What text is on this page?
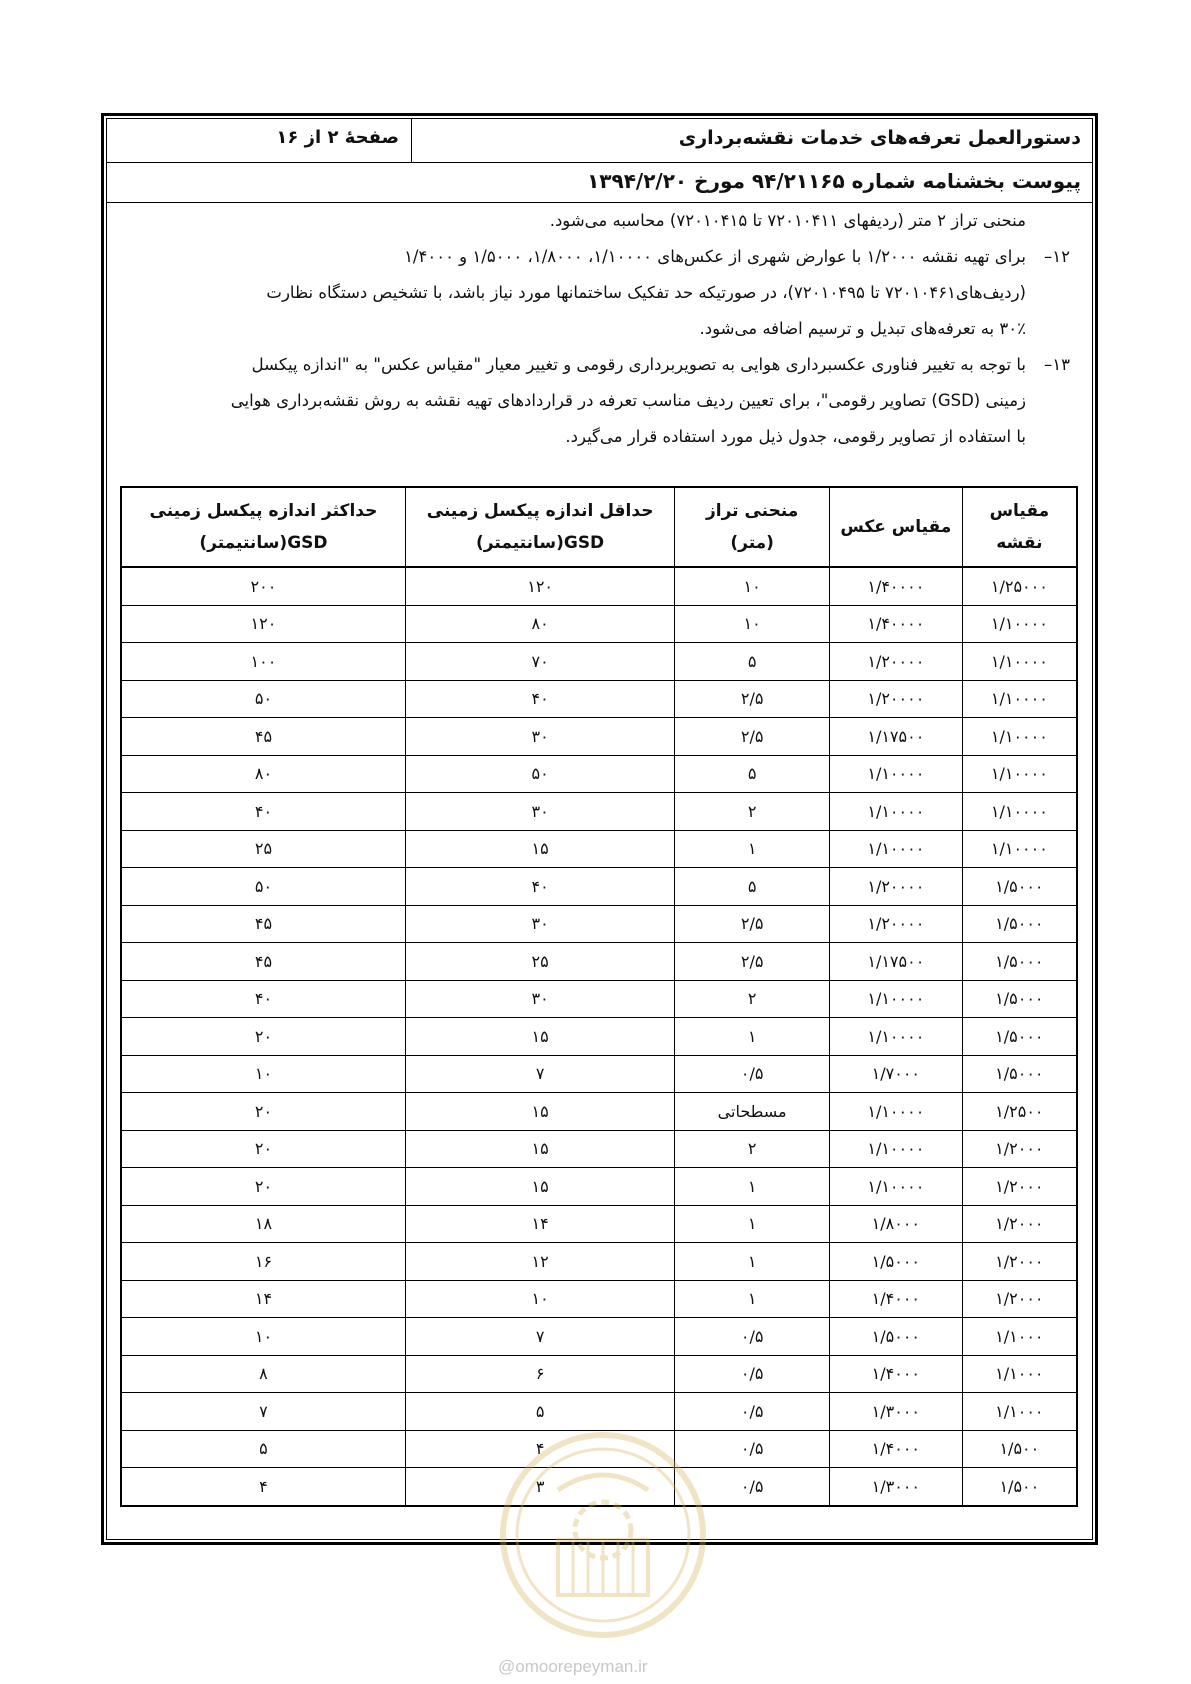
دستورالعمل تعرفه‌های خدمات نقشه‌برداری
صفحهٔ ۲ از ۱۶
پیوست بخشنامه شماره ۹۴/۲۱۱۶۵ مورخ ۱۳۹۴/۲/۲۰
منحنی تراز ۲ متر (ردیفهای ۷۲۰۱۰۴۱۱ تا ۷۲۰۱۰۴۱۵) محاسبه می‌شود.
۱۲–
برای تهیه نقشه ۱/۲۰۰۰ با عوارض شهری از عکس‌های ۱/۱۰۰۰۰، ۱/۸۰۰۰، ۱/۵۰۰۰ و ۱/۴۰۰۰
(ردیف‌های۷۲۰۱۰۴۶۱ تا ۷۲۰۱۰۴۹۵)، در صورتیکه حد تفکیک ساختمانها مورد نیاز باشد، با تشخیص دستگاه نظارت
۳۰٪ به تعرفه‌های تبدیل و ترسیم اضافه می‌شود.
۱۳–
با توجه به تغییر فناوری عکسبرداری هوایی به تصویربرداری رقومی و تغییر معیار "مقیاس عکس" به "اندازه پیکسل
زمینی (GSD) تصاویر رقومی"، برای تعیین ردیف مناسب تعرفه در قراردادهای تهیه نقشه به روش نقشه‌برداری هوایی
با استفاده از تصاویر رقومی، جدول ذیل مورد استفاده قرار می‌گیرد.
مقیاس نقشه	مقیاس عکس	منحنی تراز (متر)	حداقل اندازه پیکسل زمینی
GSD(سانتیمتر)	حداکثر اندازه پیکسل زمینی
GSD(سانتیمتر)
۱/۲۵۰۰۰	۱/۴۰۰۰۰	۱۰	۱۲۰	۲۰۰
۱/۱۰۰۰۰	۱/۴۰۰۰۰	۱۰	۸۰	۱۲۰
۱/۱۰۰۰۰	۱/۲۰۰۰۰	۵	۷۰	۱۰۰
۱/۱۰۰۰۰	۱/۲۰۰۰۰	۲/۵	۴۰	۵۰
۱/۱۰۰۰۰	۱/۱۷۵۰۰	۲/۵	۳۰	۴۵
۱/۱۰۰۰۰	۱/۱۰۰۰۰	۵	۵۰	۸۰
۱/۱۰۰۰۰	۱/۱۰۰۰۰	۲	۳۰	۴۰
۱/۱۰۰۰۰	۱/۱۰۰۰۰	۱	۱۵	۲۵
۱/۵۰۰۰	۱/۲۰۰۰۰	۵	۴۰	۵۰
۱/۵۰۰۰	۱/۲۰۰۰۰	۲/۵	۳۰	۴۵
۱/۵۰۰۰	۱/۱۷۵۰۰	۲/۵	۲۵	۴۵
۱/۵۰۰۰	۱/۱۰۰۰۰	۲	۳۰	۴۰
۱/۵۰۰۰	۱/۱۰۰۰۰	۱	۱۵	۲۰
۱/۵۰۰۰	۱/۷۰۰۰	۰/۵	۷	۱۰
۱/۲۵۰۰	۱/۱۰۰۰۰	مسطحاتی	۱۵	۲۰
۱/۲۰۰۰	۱/۱۰۰۰۰	۲	۱۵	۲۰
۱/۲۰۰۰	۱/۱۰۰۰۰	۱	۱۵	۲۰
۱/۲۰۰۰	۱/۸۰۰۰	۱	۱۴	۱۸
۱/۲۰۰۰	۱/۵۰۰۰	۱	۱۲	۱۶
۱/۲۰۰۰	۱/۴۰۰۰	۱	۱۰	۱۴
۱/۱۰۰۰	۱/۵۰۰۰	۰/۵	۷	۱۰
۱/۱۰۰۰	۱/۴۰۰۰	۰/۵	۶	۸
۱/۱۰۰۰	۱/۳۰۰۰	۰/۵	۵	۷
۱/۵۰۰	۱/۴۰۰۰	۰/۵	۴	۵
۱/۵۰۰	۱/۳۰۰۰	۰/۵	۳	۴
@omoorepeyman.ir
